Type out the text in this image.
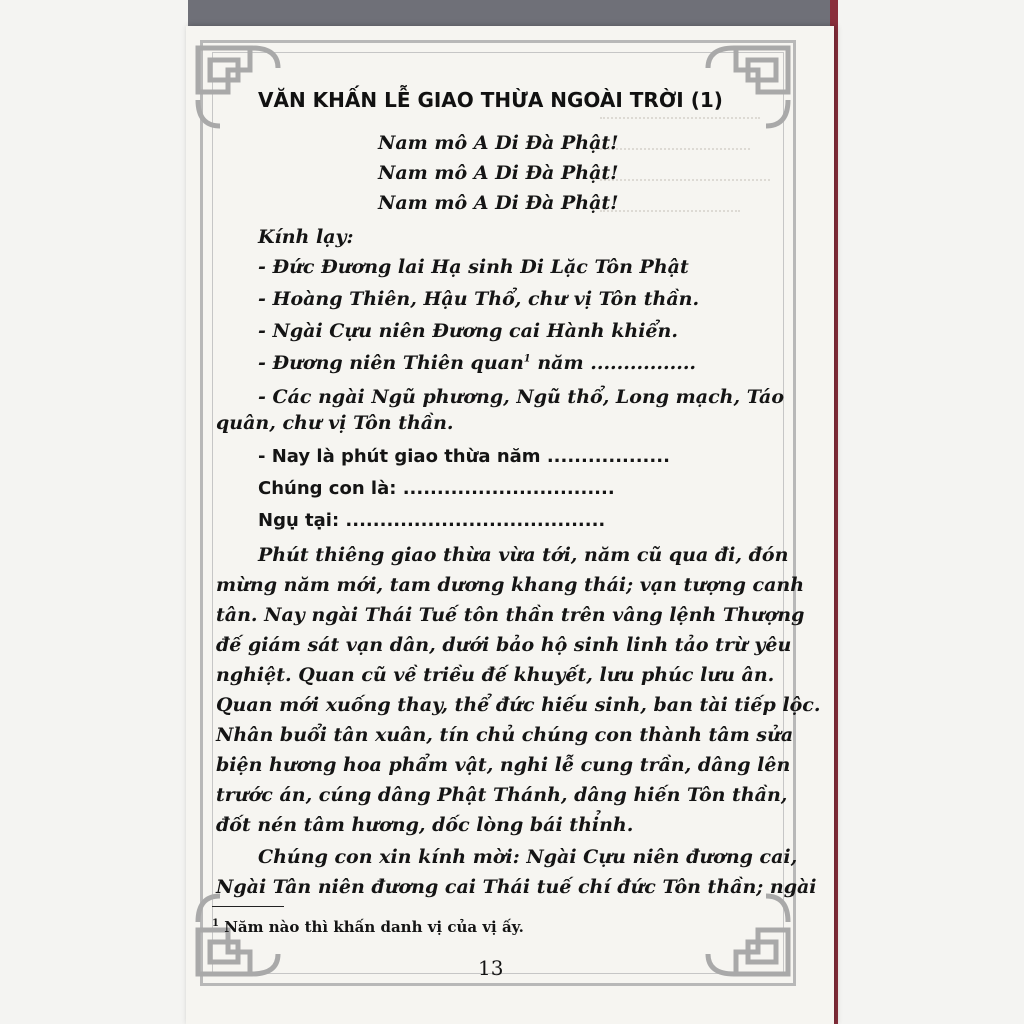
VĂN KHẤN LỄ GIAO THỪA NGOÀI TRỜI (1)
Nam mô A Di Đà Phật!
Nam mô A Di Đà Phật!
Nam mô A Di Đà Phật!
Kính lạy:
- Đức Đương lai Hạ sinh Di Lặc Tôn Phật
- Hoàng Thiên, Hậu Thổ, chư vị Tôn thần.
- Ngài Cựu niên Đương cai Hành khiển.
- Đương niên Thiên quan$^1$ năm ................
- Các ngài Ngũ phương, Ngũ thổ, Long mạch, Táo
quân, chư vị Tôn thần.
- Nay là phút giao thừa năm ..................
Chúng con là: ...............................
Ngụ tại: ......................................
Phút thiêng giao thừa vừa tới, năm cũ qua đi, đón
mừng năm mới, tam dương khang thái; vạn tượng canh
tân. Nay ngài Thái Tuế tôn thần trên vâng lệnh Thượng
đế giám sát vạn dân, dưới bảo hộ sinh linh tảo trừ yêu
nghiệt. Quan cũ về triều đế khuyết, lưu phúc lưu ân.
Quan mới xuống thay, thể đức hiếu sinh, ban tài tiếp lộc.
Nhân buổi tân xuân, tín chủ chúng con thành tâm sửa
biện hương hoa phẩm vật, nghi lễ cung trần, dâng lên
trước án, cúng dâng Phật Thánh, dâng hiến Tôn thần,
đốt nén tâm hương, dốc lòng bái thỉnh.
Chúng con xin kính mời: Ngài Cựu niên đương cai,
Ngài Tân niên đương cai Thái tuế chí đức Tôn thần; ngài
$^1$ Năm nào thì khấn danh vị của vị ấy.
13
